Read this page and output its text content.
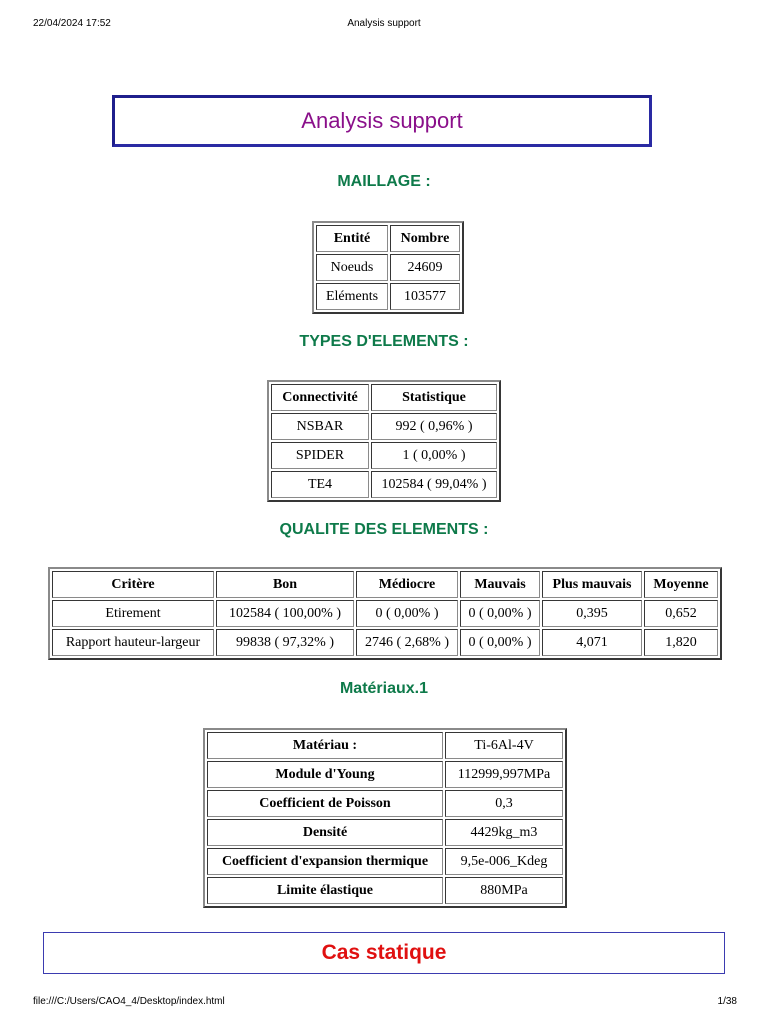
22/04/2024 17:52	Analysis support
Analysis support
MAILLAGE :
Entité	Nombre
Noeuds	24609
Eléments	103577
TYPES D'ELEMENTS :
Connectivité	Statistique
NSBAR	992 ( 0,96% )
SPIDER	1 ( 0,00% )
TE4	102584 ( 99,04% )
QUALITE DES ELEMENTS :
Critère	Bon	Médiocre	Mauvais	Plus mauvais	Moyenne
Etirement	102584 ( 100,00% )	0 ( 0,00% )	0 ( 0,00% )	0,395	0,652
Rapport hauteur-largeur	99838 ( 97,32% )	2746 ( 2,68% )	0 ( 0,00% )	4,071	1,820
Matériaux.1
Matériau :	Ti-6Al-4V
Module d'Young	112999,997MPa
Coefficient de Poisson	0,3
Densité	4429kg_m3
Coefficient d'expansion thermique	9,5e-006_Kdeg
Limite élastique	880MPa
Cas statique
file:///C:/Users/CAO4_4/Desktop/index.html	1/38
